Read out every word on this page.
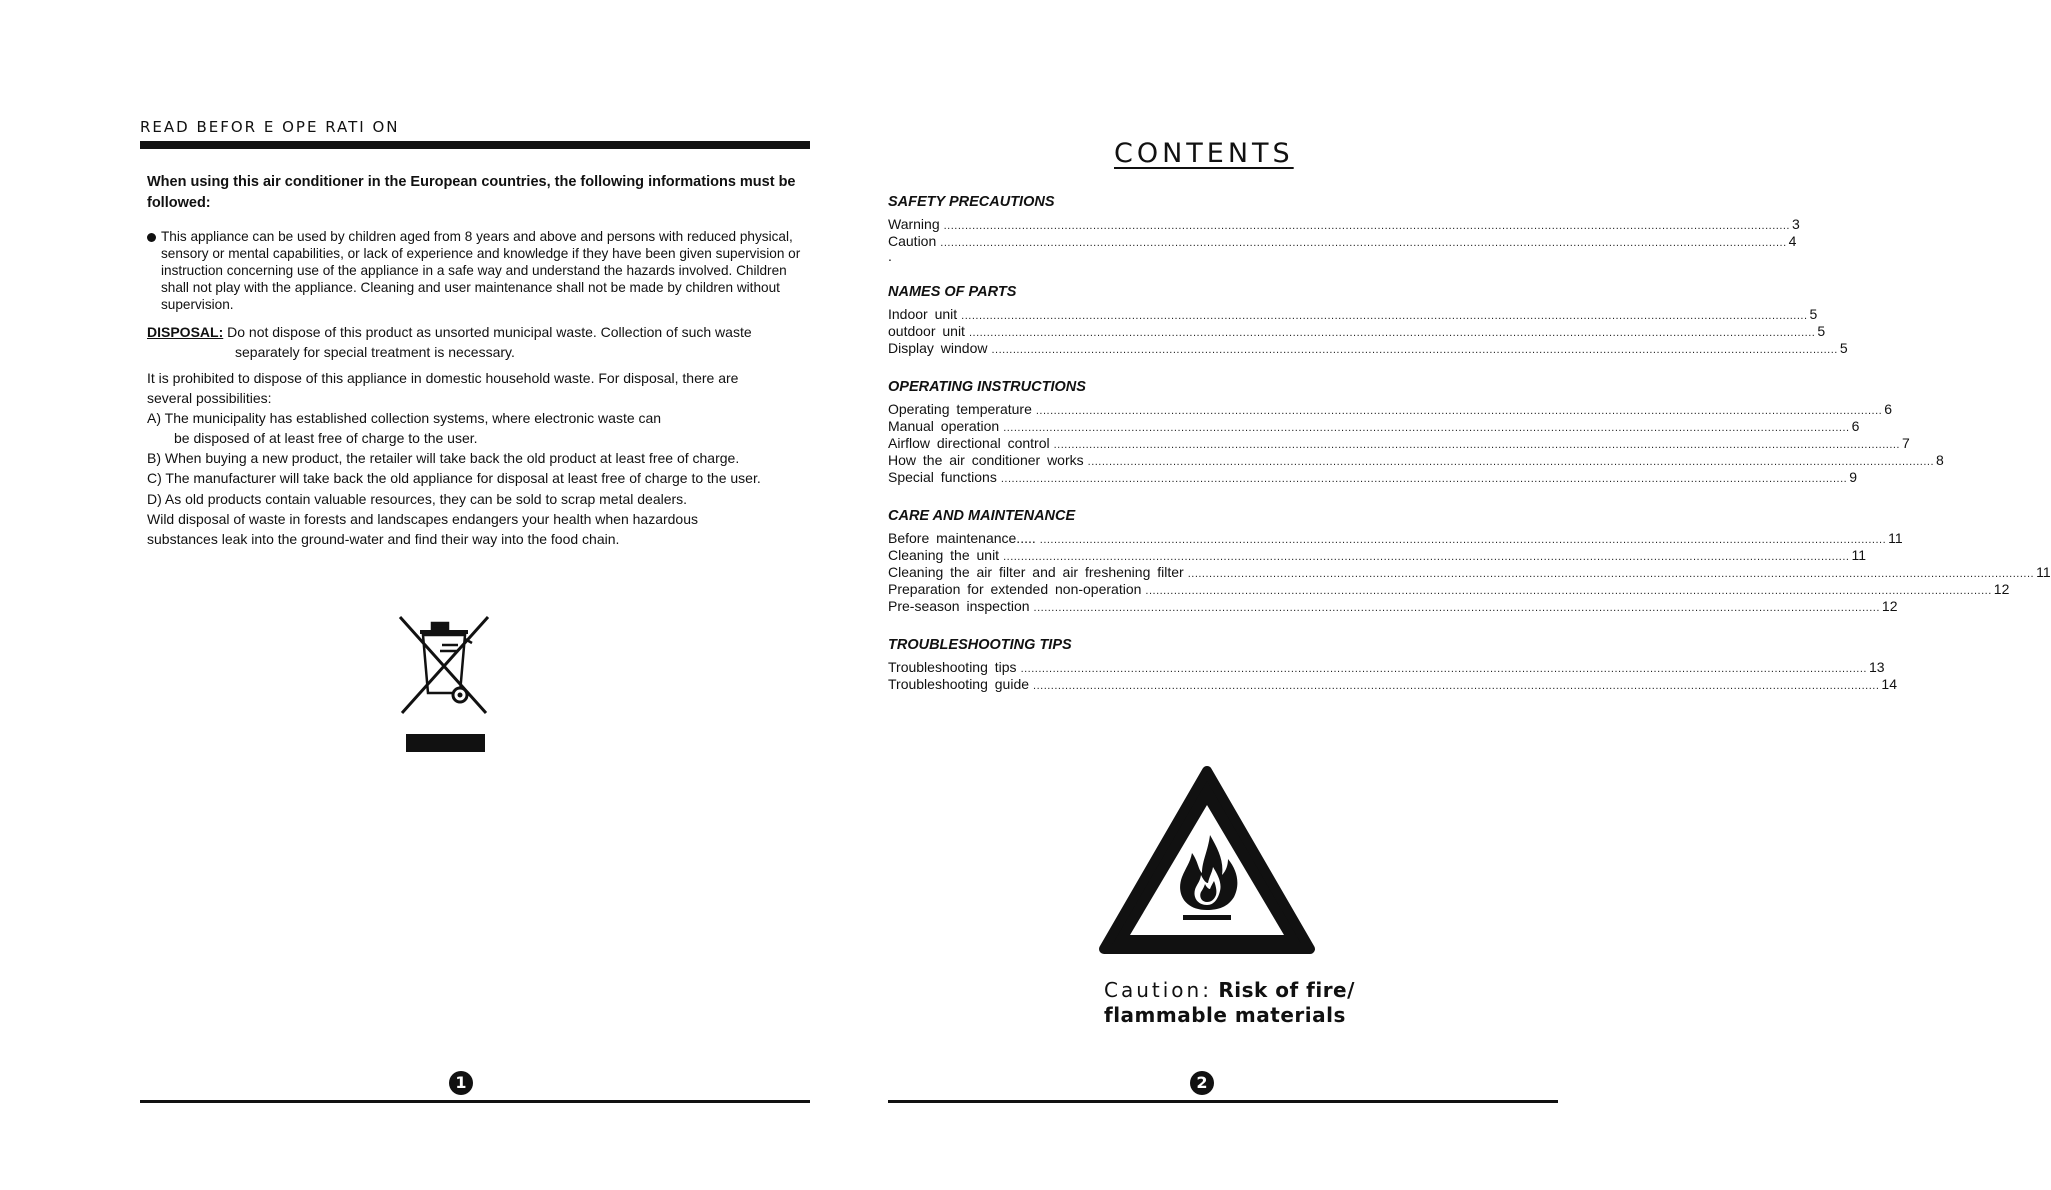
READ BEFOR E OPE RATI ON
When using this air conditioner in the European countries, the following informations must be followed:
This appliance can be used by children aged from 8 years and above and persons with reduced physical, sensory or mental capabilities, or lack of experience and knowledge if they have been given supervision or instruction concerning use of the appliance in a safe way and understand the hazards involved. Children shall not play with the appliance. Cleaning and user maintenance shall not be made by children without supervision.
DISPOSAL: Do not dispose of this product as unsorted municipal waste. Collection of such waste
separately for special treatment is necessary.
It is prohibited to dispose of this appliance in domestic household waste. For disposal, there are
several possibilities:
A) The municipality has established collection systems, where electronic waste can
be disposed of at least free of charge to the user.
B) When buying a new product, the retailer will take back the old product at least free of charge.
C) The manufacturer will take back the old appliance for disposal at least free of charge to the user.
D) As old products contain valuable resources, they can be sold to scrap metal dealers.
Wild disposal of waste in forests and landscapes endangers your health when hazardous
substances leak into the ground-water and find their way into the food chain.
1
CONTENTS
SAFETY PRECAUTIONS
Warning .............................................................................................................................................................................................................................................. 3
Caution .............................................................................................................................................................................................................................................. 4
.
NAMES OF PARTS
Indoor unit .............................................................................................................................................................................................................................................. 5
outdoor unit .............................................................................................................................................................................................................................................. 5
Display window .............................................................................................................................................................................................................................................. 5
OPERATING INSTRUCTIONS
Operating temperature .............................................................................................................................................................................................................................................. 6
Manual operation .............................................................................................................................................................................................................................................. 6
Airflow directional control .............................................................................................................................................................................................................................................. 7
How the air conditioner works .............................................................................................................................................................................................................................................. 8
Special functions .............................................................................................................................................................................................................................................. 9
CARE AND MAINTENANCE
Before maintenance..... .............................................................................................................................................................................................................................................. 11
Cleaning the unit .............................................................................................................................................................................................................................................. 11
Cleaning the air filter and air freshening filter .............................................................................................................................................................................................................................................. 11
Preparation for extended non-operation .............................................................................................................................................................................................................................................. 12
Pre-season inspection .............................................................................................................................................................................................................................................. 12
TROUBLESHOOTING TIPS
Troubleshooting tips .............................................................................................................................................................................................................................................. 13
Troubleshooting guide .............................................................................................................................................................................................................................................. 14
Caution: Risk of fire/
flammable materials
2
